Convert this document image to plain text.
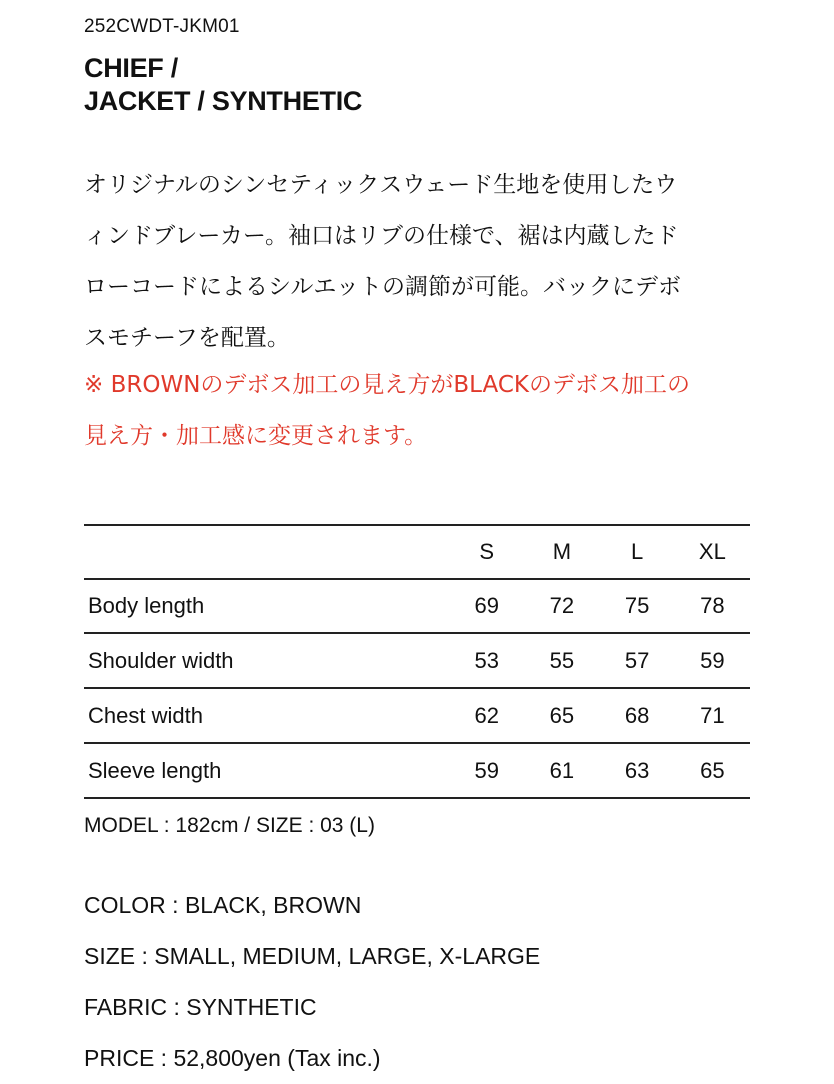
252CWDT-JKM01
CHIEF /
JACKET / SYNTHETIC

オリジナルのシンセティックスウェード生地を使用したウ

ィンドブレーカー。袖口はリブの仕様で、裾は内蔵したド

ローコードによるシルエットの調節が可能。バックにデボ

スモチーフを配置。

※ BROWNのデボス加工の見え方がBLACKのデボス加工の

見え方・加工感に変更されます。

	S	M	L	XL
Body length	69	72	75	78
Shoulder width	53	55	57	59
Chest width	62	65	68	71
Sleeve length	59	61	63	65
MODEL : 182cm / SIZE : 03 (L)
COLOR : BLACK, BROWN
SIZE : SMALL, MEDIUM, LARGE, X-LARGE
FABRIC : SYNTHETIC
PRICE : 52,800yen (Tax inc.)
